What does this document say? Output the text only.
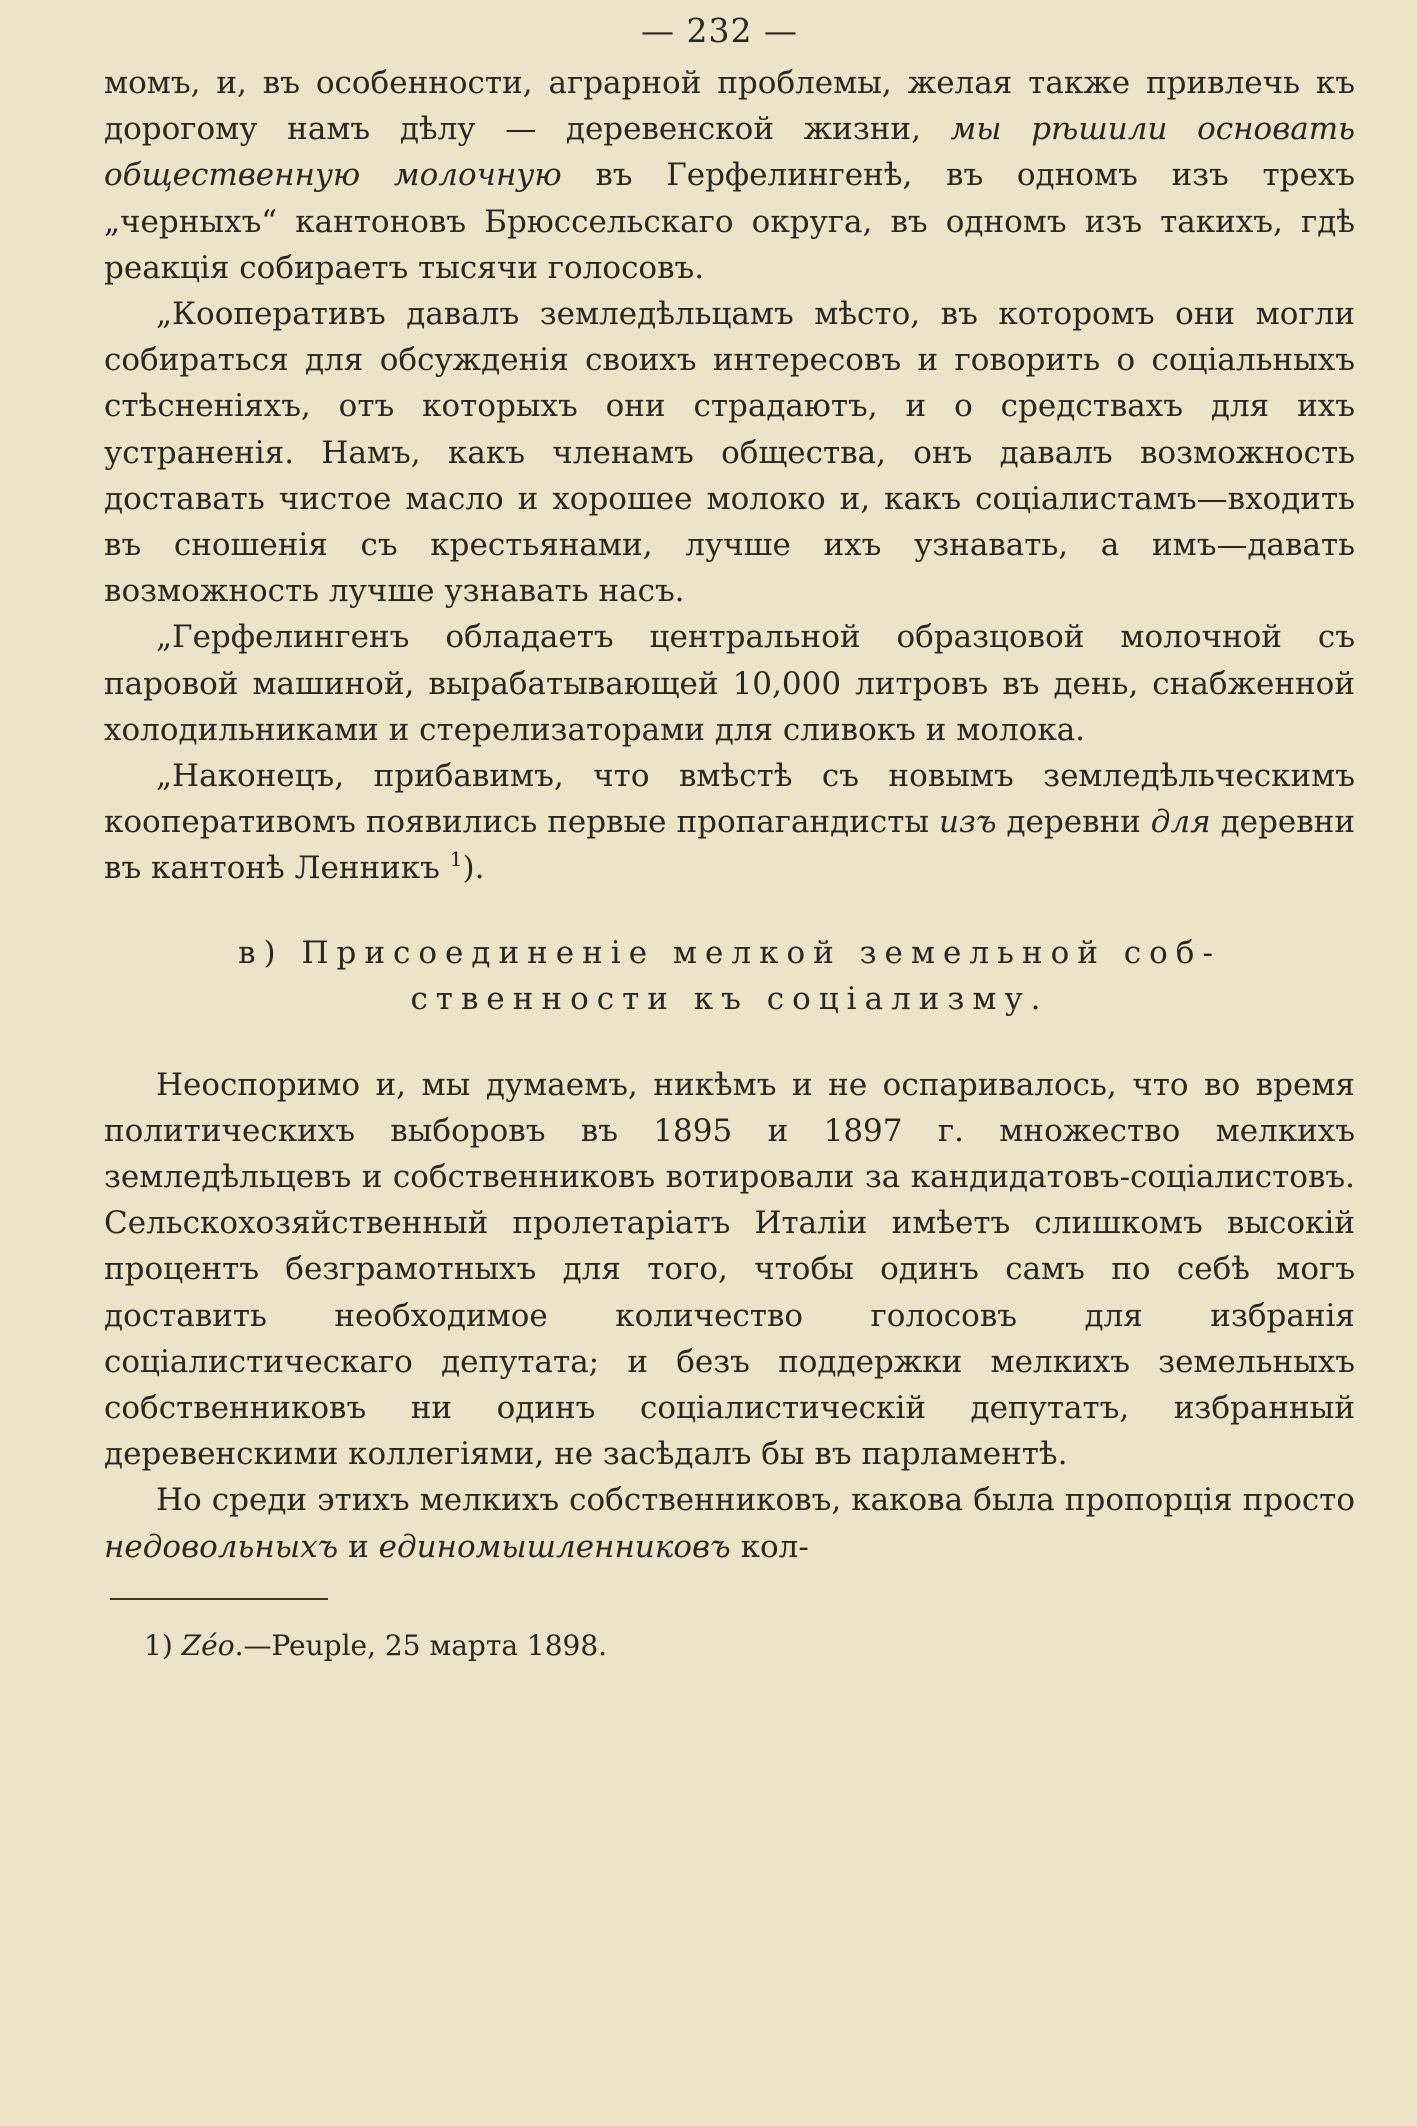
— 232 —

момъ, и, въ особенности, аграрной проблемы, желая также привлечь къ дорогому намъ дѣлу — деревенской жизни, мы рѣшили основать общественную молочную въ Герфелингенѣ, въ одномъ изъ трехъ „черныхъ“ кантоновъ Брюссельскаго округа, въ одномъ изъ такихъ, гдѣ реакція собираетъ тысячи голосовъ.

„Кооперативъ давалъ земледѣльцамъ мѣсто, въ которомъ они могли собираться для обсужденія своихъ интересовъ и говорить о соціальныхъ стѣсненіяхъ, отъ которыхъ они страдаютъ, и о средствахъ для ихъ устраненія. Намъ, какъ членамъ общества, онъ давалъ возможность доставать чистое масло и хорошее молоко и, какъ соціалистамъ—входить въ сношенія съ крестьянами, лучше ихъ узнавать, а имъ—давать возможность лучше узнавать насъ.

„Герфелингенъ обладаетъ центральной образцовой молочной съ паровой машиной, вырабатывающей 10,000 литровъ въ день, снабженной холодильниками и стерелизаторами для сливокъ и молока.

„Наконецъ, прибавимъ, что вмѣстѣ съ новымъ земледѣльческимъ кооперативомъ появились первые пропагандисты изъ деревни для деревни въ кантонѣ Ленникъ $^1$).

в) Присоединеніе мелкой земельной соб-
ственности къ соціализму.

Неоспоримо и, мы думаемъ, никѣмъ и не оспаривалось, что во время политическихъ выборовъ въ 1895 и 1897 г. множество мелкихъ земледѣльцевъ и собственниковъ вотировали за кандидатовъ-соціалистовъ. Сельскохозяйственный пролетаріатъ Италіи имѣетъ слишкомъ высокій процентъ безграмотныхъ для того, чтобы одинъ самъ по себѣ могъ доставить необходимое количество голосовъ для избранія соціалистическаго депутата; и безъ поддержки мелкихъ земельныхъ собственниковъ ни одинъ соціалистическій депутатъ, избранный деревенскими коллегіями, не засѣдалъ бы въ парламентѣ.

Но среди этихъ мелкихъ собственниковъ, какова была пропорція просто недовольныхъ и единомышленниковъ кол-

1) Zéo.—Peuple, 25 марта 1898.
